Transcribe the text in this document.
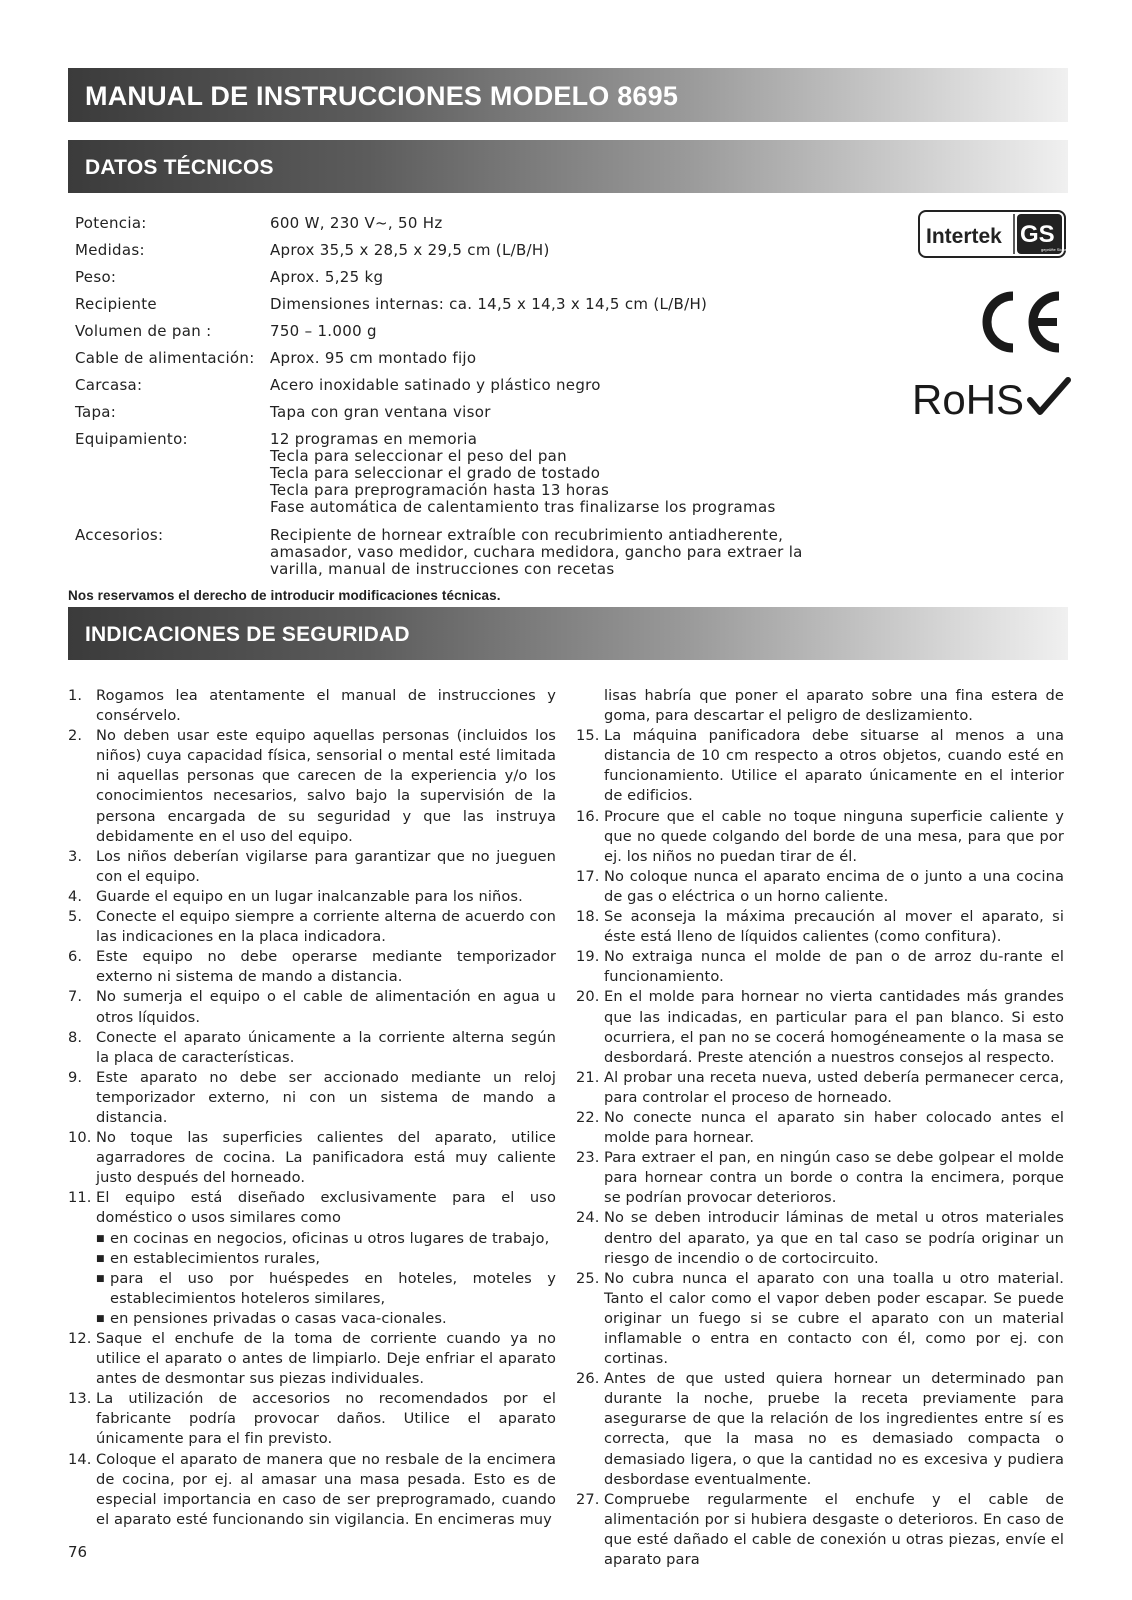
MANUAL DE INSTRUCCIONES MODELO 8695
DATOS TÉCNICOS
Potencia:	600 W, 230 V~, 50 Hz
Medidas:	Aprox 35,5 x 28,5 x 29,5 cm (L/B/H)
Peso:	Aprox. 5,25 kg
Recipiente	Dimensiones internas: ca. 14,5 x 14,3 x 14,5 cm (L/B/H)
Volumen de pan :	750 – 1.000 g
Cable de alimentación:	Aprox. 95 cm montado fijo
Carcasa:	Acero inoxidable satinado y plástico negro
Tapa:	Tapa con gran ventana visor
Equipamiento:	12 programas en memoria
Tecla para seleccionar el peso del pan
Tecla para seleccionar el grado de tostado
Tecla para preprogramación hasta 13 horas
Fase automática de calentamiento tras finalizarse los programas
Accesorios:	Recipiente de hornear extraíble con recubrimiento antiadherente,
amasador, vaso medidor, cuchara medidora, gancho para extraer la
varilla, manual de instrucciones con recetas
Nos reservamos el derecho de introducir modificaciones técnicas.
Intertek GS
geprüfte Sicherheit
RoHS
INDICACIONES DE SEGURIDAD
1. Rogamos lea atentamente el manual de instrucciones y consérvelo.
2. No deben usar este equipo aquellas personas (incluidos los niños) cuya capacidad física, sensorial o mental esté limitada ni aquellas personas que carecen de la experiencia y/o los conocimientos necesarios, salvo bajo la supervisión de la persona encargada de su seguridad y que las instruya debidamente en el uso del equipo.
3. Los niños deberían vigilarse para garantizar que no jueguen con el equipo.
4. Guarde el equipo en un lugar inalcanzable para los niños.
5. Conecte el equipo siempre a corriente alterna de acuerdo con las indicaciones en la placa indicadora.
6. Este equipo no debe operarse mediante temporizador externo ni sistema de mando a distancia.
7. No sumerja el equipo o el cable de alimentación en agua u otros líquidos.
8. Conecte el aparato únicamente a la corriente alterna según la placa de características.
9. Este aparato no debe ser accionado mediante un reloj temporizador externo, ni con un sistema de mando a distancia.
10. No toque las superficies calientes del aparato, utilice agarradores de cocina. La panificadora está muy caliente justo después del horneado.
11. El equipo está diseñado exclusivamente para el uso doméstico o usos similares como
■ en cocinas en negocios, oficinas u otros lugares de trabajo,
■ en establecimientos rurales,
■ para el uso por huéspedes en hoteles, moteles y establecimientos hoteleros similares,
■ en pensiones privadas o casas vaca-cionales.
12. Saque el enchufe de la toma de corriente cuando ya no utilice el aparato o antes de limpiarlo. Deje enfriar el aparato antes de desmontar sus piezas individuales.
13. La utilización de accesorios no recomendados por el fabricante podría provocar daños. Utilice el aparato únicamente para el fin previsto.
14. Coloque el aparato de manera que no resbale de la encimera de cocina, por ej. al amasar una masa pesada. Esto es de especial importancia en caso de ser preprogramado, cuando el aparato esté funcionando sin vigilancia. En encimeras muy
lisas habría que poner el aparato sobre una fina estera de goma, para descartar el peligro de deslizamiento.
15. La máquina panificadora debe situarse al menos a una distancia de 10 cm respecto a otros objetos, cuando esté en funcionamiento. Utilice el aparato únicamente en el interior de edificios.
16. Procure que el cable no toque ninguna superficie caliente y que no quede colgando del borde de una mesa, para que por ej. los niños no puedan tirar de él.
17. No coloque nunca el aparato encima de o junto a una cocina de gas o eléctrica o un horno caliente.
18. Se aconseja la máxima precaución al mover el aparato, si éste está lleno de líquidos calientes (como confitura).
19. No extraiga nunca el molde de pan o de arroz du-rante el funcionamiento.
20. En el molde para hornear no vierta cantidades más grandes que las indicadas, en particular para el pan blanco. Si esto ocurriera, el pan no se cocerá homogéneamente o la masa se desbordará. Preste atención a nuestros consejos al respecto.
21. Al probar una receta nueva, usted debería permanecer cerca, para controlar el proceso de horneado.
22. No conecte nunca el aparato sin haber colocado antes el molde para hornear.
23. Para extraer el pan, en ningún caso se debe golpear el molde para hornear contra un borde o contra la encimera, porque se podrían provocar deterioros.
24. No se deben introducir láminas de metal u otros materiales dentro del aparato, ya que en tal caso se podría originar un riesgo de incendio o de cortocircuito.
25. No cubra nunca el aparato con una toalla u otro material. Tanto el calor como el vapor deben poder escapar. Se puede originar un fuego si se cubre el aparato con un material inflamable o entra en contacto con él, como por ej. con cortinas.
26. Antes de que usted quiera hornear un determinado pan durante la noche, pruebe la receta previamente para asegurarse de que la relación de los ingredientes entre sí es correcta, que la masa no es demasiado compacta o demasiado ligera, o que la cantidad no es excesiva y pudiera desbordase eventualmente.
27. Compruebe regularmente el enchufe y el cable de alimentación por si hubiera desgaste o deterioros. En caso de que esté dañado el cable de conexión u otras piezas, envíe el aparato para
76
